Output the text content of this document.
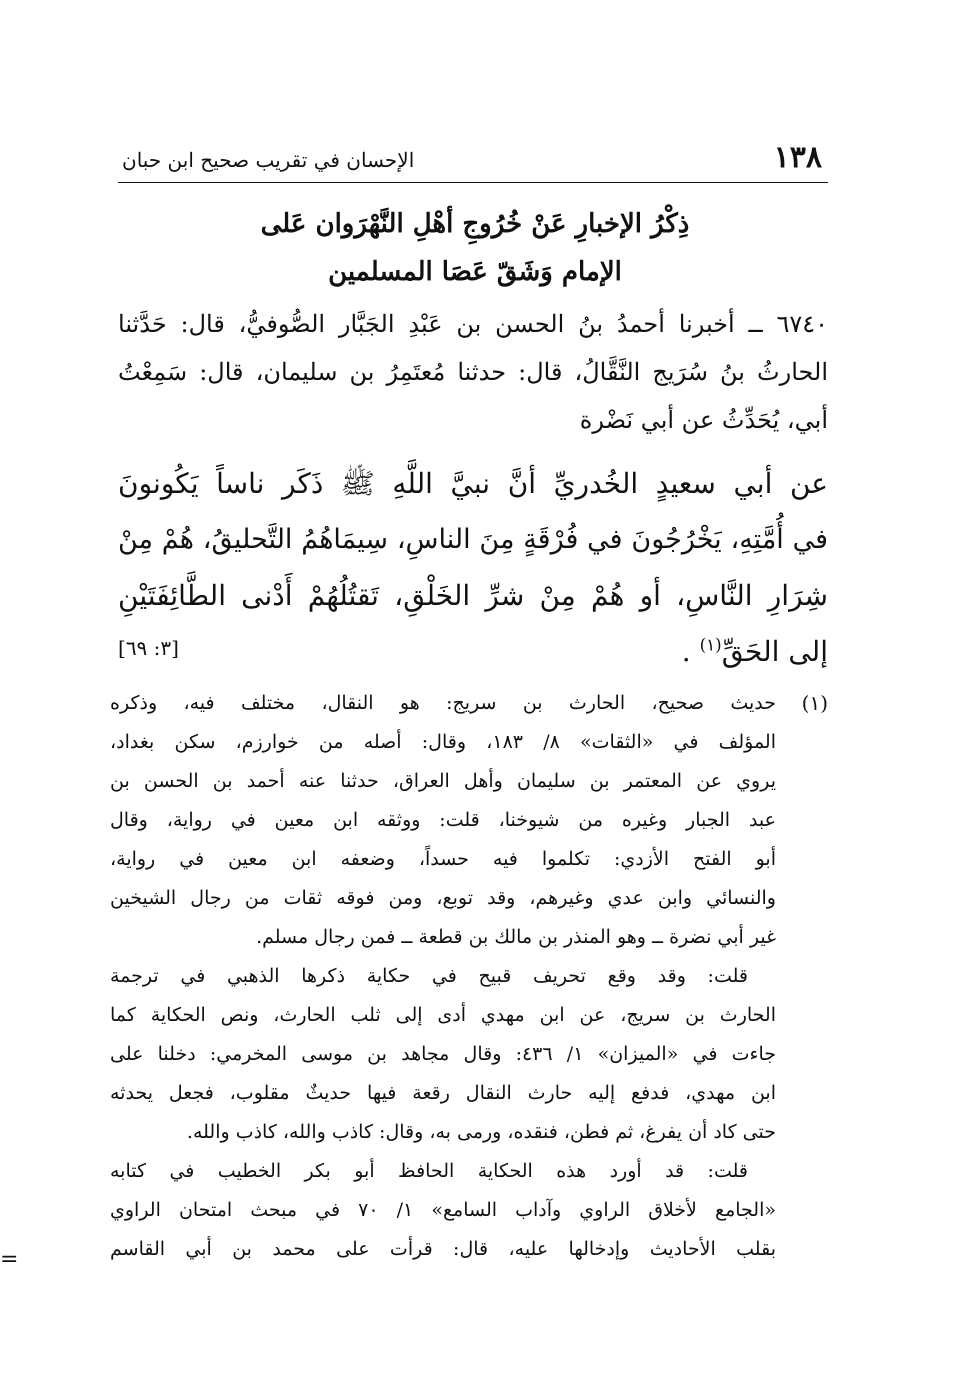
١٣٨
الإحسان في تقريب صحيح ابن حبان
ذِكْرُ الإخبارِ عَنْ خُرُوجِ أهْلِ النَّهْرَوان عَلى
الإمام وَشَقّ عَصَا المسلمين
٦٧٤٠ ــ أخبرنا أحمدُ بنُ الحسن بن عَبْدِ الجَبَّار الصُّوفيُّ، قال: حَدَّثنا
الحارثُ بنُ سُرَيج النَّقَّالُ، قال: حدثنا مُعتَمِرُ بن سليمان، قال: سَمِعْتُ
أبي، يُحَدِّثُ عن أبي نَضْرة
عن أبي سعيدٍ الخُدريِّ أنَّ نبيَّ اللَّهِ ﷺ ذَكَر ناساً يَكُونونَ
في أُمَّتِهِ، يَخْرُجُونَ في فُرْقَةٍ مِنَ الناسِ، سِيمَاهُمُ التَّحليقُ، هُمْ مِنْ
شِرَارِ النَّاسِ، أو هُمْ مِنْ شرِّ الخَلْقِ، تَقتُلُهُمْ أَدْنى الطَّائِفَتَيْنِ
إلى الحَقِّ$^{(١)}$ .
[٣: ٦٩]
(١)
حديث صحيح، الحارث بن سريج: هو النقال، مختلف فيه، وذكره
المؤلف في «الثقات» ٨/ ١٨٣، وقال: أصله من خوارزم، سكن بغداد،
يروي عن المعتمر بن سليمان وأهل العراق، حدثنا عنه أحمد بن الحسن بن
عبد الجبار وغيره من شيوخنا، قلت: ووثقه ابن معين في رواية، وقال
أبو الفتح الأزدي: تكلموا فيه حسداً، وضعفه ابن معين في رواية،
والنسائي وابن عدي وغيرهم، وقد توبع، ومن فوقه ثقات من رجال الشيخين
غير أبي نضرة ــ وهو المنذر بن مالك بن قطعة ــ فمن رجال مسلم.
قلت: وقد وقع تحريف قبيح في حكاية ذكرها الذهبي في ترجمة
الحارث بن سريج، عن ابن مهدي أدى إلى ثلب الحارث، ونص الحكاية كما
جاءت في «الميزان» ١/ ٤٣٦: وقال مجاهد بن موسى المخرمي: دخلنا على
ابن مهدي، فدفع إليه حارث النقال رقعة فيها حديثٌ مقلوب، فجعل يحدثه
حتى كاد أن يفرغ، ثم فطن، فنقده، ورمى به، وقال: كاذب والله، كاذب والله.
قلت: قد أورد هذه الحكاية الحافظ أبو بكر الخطيب في كتابه
«الجامع لأخلاق الراوي وآداب السامع» ١/ ٧٠ في مبحث امتحان الراوي
بقلب الأحاديث وإدخالها عليه، قال: قرأت على محمد بن أبي القاسم
=
